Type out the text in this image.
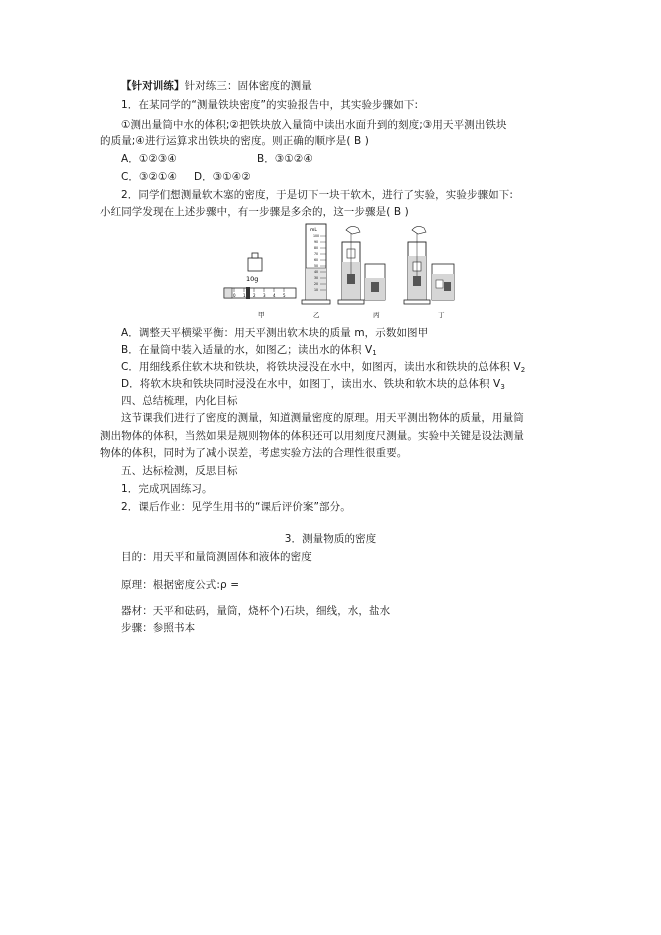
【针对训练】针对练三：固体密度的测量
1．在某同学的“测量铁块密度”的实验报告中，其实验步骤如下:
①测出量筒中水的体积;②把铁块放入量筒中读出水面升到的刻度;③用天平测出铁块
的质量;④进行运算求出铁块的密度。则正确的顺序是( B )
A．①②③④	B．③①②④
C．③②①④ D．③①④②
2．同学们想测量软木塞的密度，于是切下一块干软木，进行了实验，实验步骤如下:
小红同学发现在上述步骤中，有一步骤是多余的，这一步骤是( B )
10g
0 1 2 3 4 5
甲
mL
100
90
80
70
60
50
40
30
20
10
乙	丙	丁
A．调整天平横梁平衡：用天平测出软木块的质量 m，示数如图甲
B．在量筒中装入适量的水，如图乙；读出水的体积 $V_1$
C．用细线系住软木块和铁块，将铁块浸没在水中，如图丙，读出水和铁块的总体积 $V_2$
D．将软木块和铁块同时浸没在水中，如图丁，读出水、铁块和软木块的总体积 $V_3$
四、总结梳理，内化目标
这节课我们进行了密度的测量，知道测量密度的原理。用天平测出物体的质量，用量筒
测出物体的体积，当然如果是规则物体的体积还可以用刻度尺测量。实验中关键是设法测量
物体的体积，同时为了减小误差，考虑实验方法的合理性很重要。
五、达标检测，反思目标
1．完成巩固练习。
2．课后作业：见学生用书的“课后评价案”部分。
3．测量物质的密度
目的：用天平和量筒测固体和液体的密度
原理：根据密度公式:ρ =
器材：天平和砝码，量筒，烧杯个)石块，细线，水，盐水
步骤：参照书本
